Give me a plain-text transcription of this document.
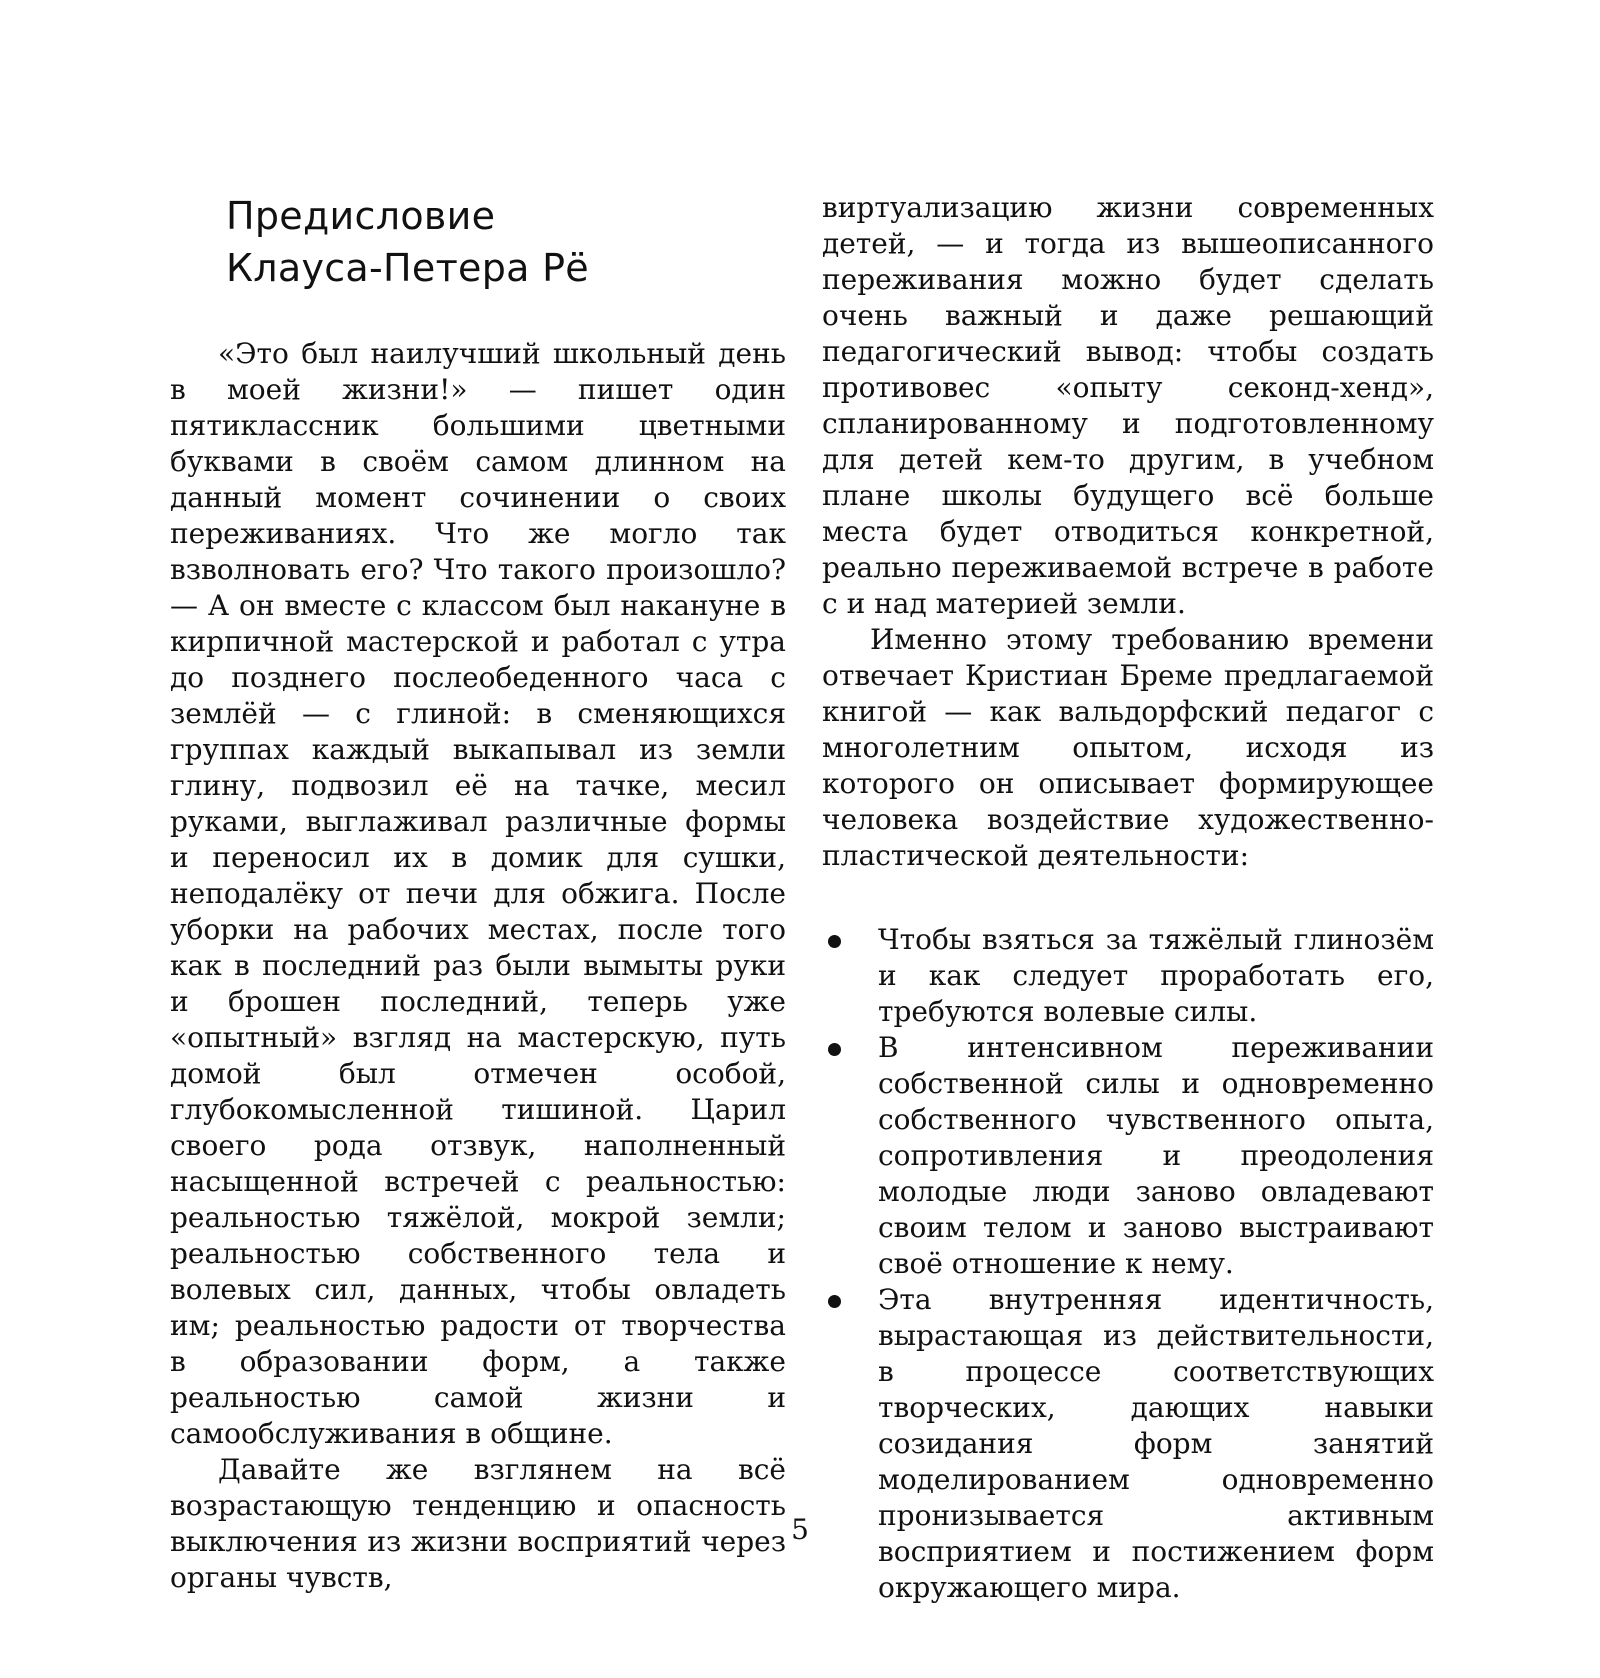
Предисловие
Клауса-Петера Рё

«Это был наилучший школьный день в моей жизни!» — пишет один пятиклассник большими цветными буквами в своём самом длинном на данный момент сочинении о своих переживаниях. Что же могло так взволновать его? Что такого произошло? — А он вместе с классом был накануне в кирпичной мастерской и работал с утра до позднего послеобеденного часа с землёй — с глиной: в сменяющихся группах каждый выкапывал из земли глину, подвозил её на тачке, месил руками, выглаживал различные формы и переносил их в домик для сушки, неподалёку от печи для обжига. После уборки на рабочих местах, после того как в последний раз были вымыты руки и брошен последний, теперь уже «опытный» взгляд на мастерскую, путь домой был отмечен особой, глубокомысленной тишиной. Царил своего рода отзвук, наполненный насыщенной встречей с реальностью: реальностью тяжёлой, мокрой земли; реальностью собственного тела и волевых сил, данных, чтобы овладеть им; реальностью радости от творчества в образовании форм, а также реальностью самой жизни и самообслуживания в общине.

Давайте же взглянем на всё возрастающую тенденцию и опасность выключения из жизни восприятий через органы чувств,

виртуализацию жизни современных детей, — и тогда из вышеописанного переживания можно будет сделать очень важный и даже решающий педагогический вывод: чтобы создать противовес «опыту секонд-хенд», спланированному и подготовленному для детей кем-то другим, в учебном плане школы будущего всё больше места будет отводиться конкретной, реально переживаемой встрече в работе с и над материей земли.

Именно этому требованию времени отвечает Кристиан Бреме предлагаемой книгой — как вальдорфский педагог с многолетним опытом, исходя из которого он описывает формирующее человека воздействие художественно-пластической деятельности:

Чтобы взяться за тяжёлый глинозём и как следует проработать его, требуются волевые силы.
В интенсивном переживании собственной силы и одновременно собственного чувственного опыта, сопротивления и преодоления молодые люди заново овладевают своим телом и заново выстраивают своё отношение к нему.
Эта внутренняя идентичность, вырастающая из действительности, в процессе соответствующих творческих, дающих навыки созидания форм занятий моделированием одновременно пронизывается активным восприятием и постижением форм окружающего мира.
5
